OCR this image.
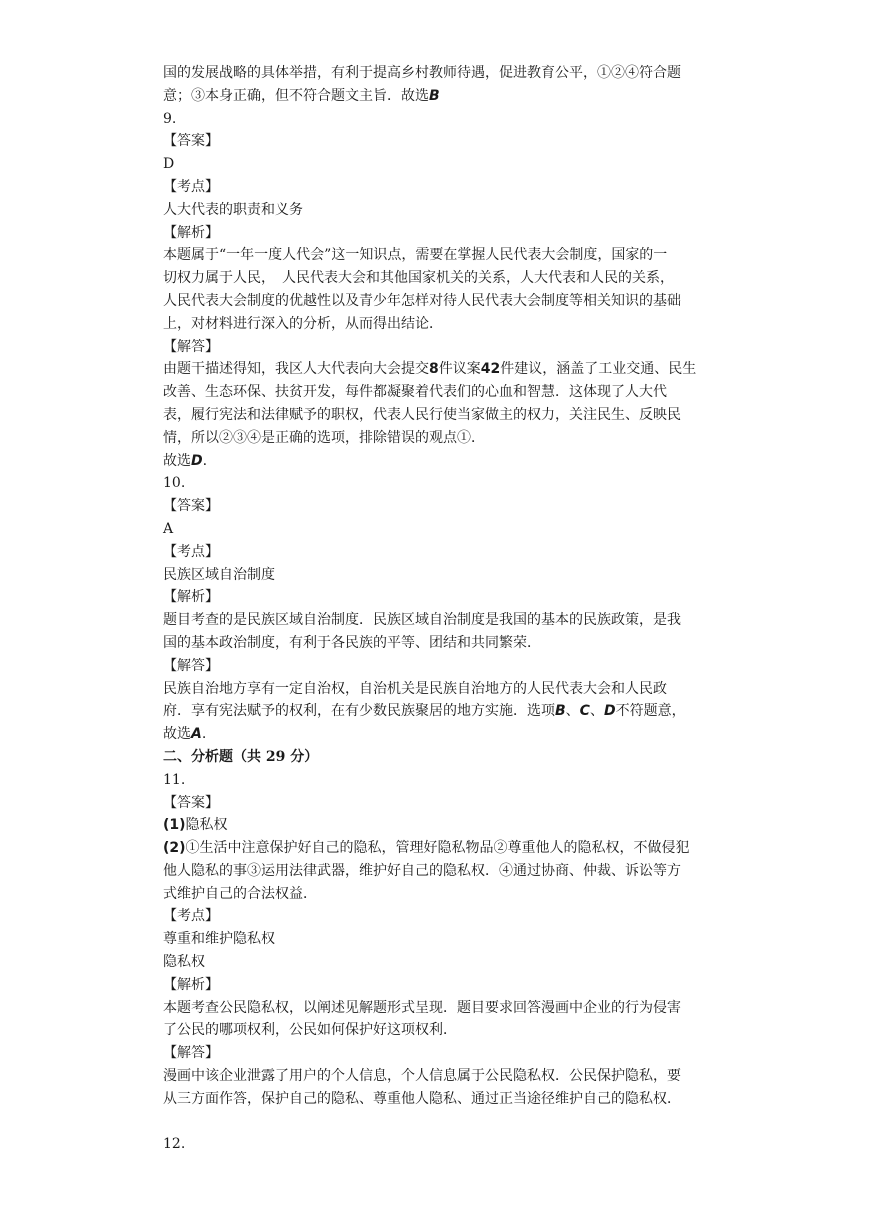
国的发展战略的具体举措，有利于提高乡村教师待遇，促进教育公平，①②④符合题
意；③本身正确，但不符合题文主旨．故选B
9.
【答案】
D
【考点】
人大代表的职责和义务
【解析】
本题属于“一年一度人代会”这一知识点，需要在掌握人民代表大会制度，国家的一
切权力属于人民，　人民代表大会和其他国家机关的关系，人大代表和人民的关系，
人民代表大会制度的优越性以及青少年怎样对待人民代表大会制度等相关知识的基础
上，对材料进行深入的分析，从而得出结论．
【解答】
由题干描述得知，我区人大代表向大会提交8件议案42件建议，涵盖了工业交通、民生
改善、生态环保、扶贫开发，每件都凝聚着代表们的心血和智慧．这体现了人大代
表，履行宪法和法律赋予的职权，代表人民行使当家做主的权力，关注民生、反映民
情，所以②③④是正确的选项，排除错误的观点①．
故选D.
10.
【答案】
A
【考点】
民族区域自治制度
【解析】
题目考查的是民族区域自治制度．民族区域自治制度是我国的基本的民族政策，是我
国的基本政治制度，有利于各民族的平等、团结和共同繁荣．
【解答】
民族自治地方享有一定自治权，自治机关是民族自治地方的人民代表大会和人民政
府．享有宪法赋予的权利，在有少数民族聚居的地方实施．选项B、C、D不符题意，
故选A.
二、分析题（共 29 分）
11.
【答案】
(1)隐私权
(2)①生活中注意保护好自己的隐私，管理好隐私物品②尊重他人的隐私权，不做侵犯
他人隐私的事③运用法律武器，维护好自己的隐私权．④通过协商、仲裁、诉讼等方
式维护自己的合法权益．
【考点】
尊重和维护隐私权
隐私权
【解析】
本题考查公民隐私权，以阐述见解题形式呈现．题目要求回答漫画中企业的行为侵害
了公民的哪项权利，公民如何保护好这项权利．
【解答】
漫画中该企业泄露了用户的个人信息，个人信息属于公民隐私权．公民保护隐私，要
从三方面作答，保护自己的隐私、尊重他人隐私、通过正当途径维护自己的隐私权．
12.
